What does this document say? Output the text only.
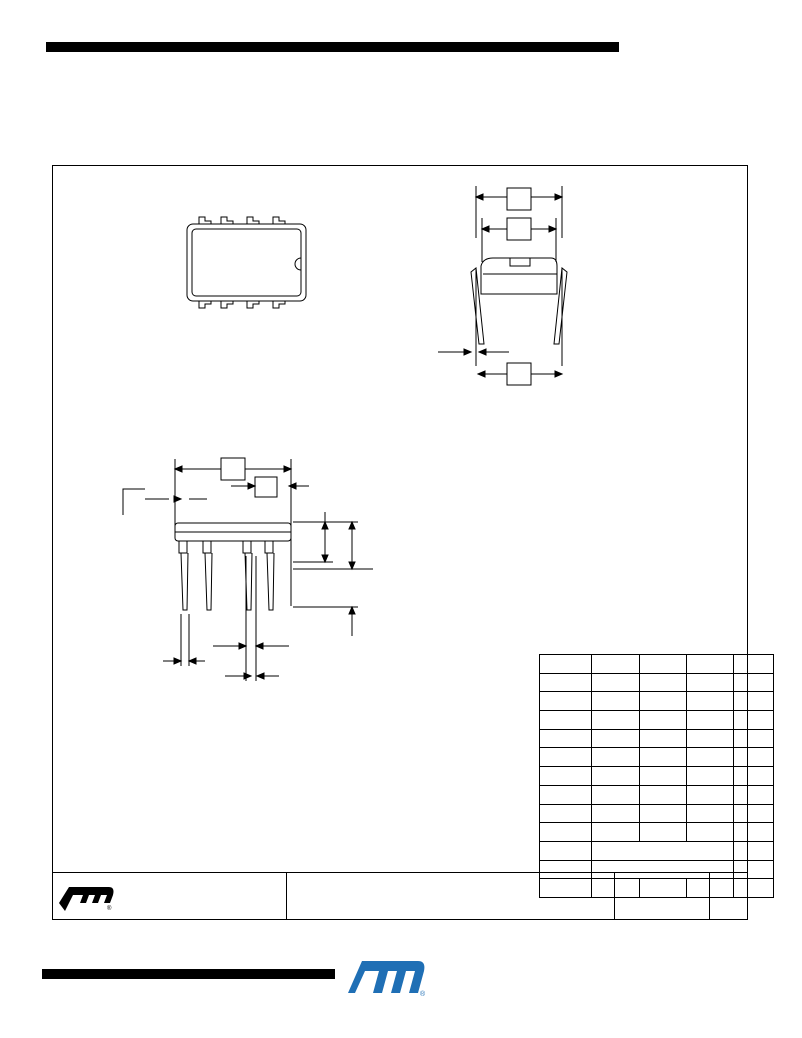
®
®
